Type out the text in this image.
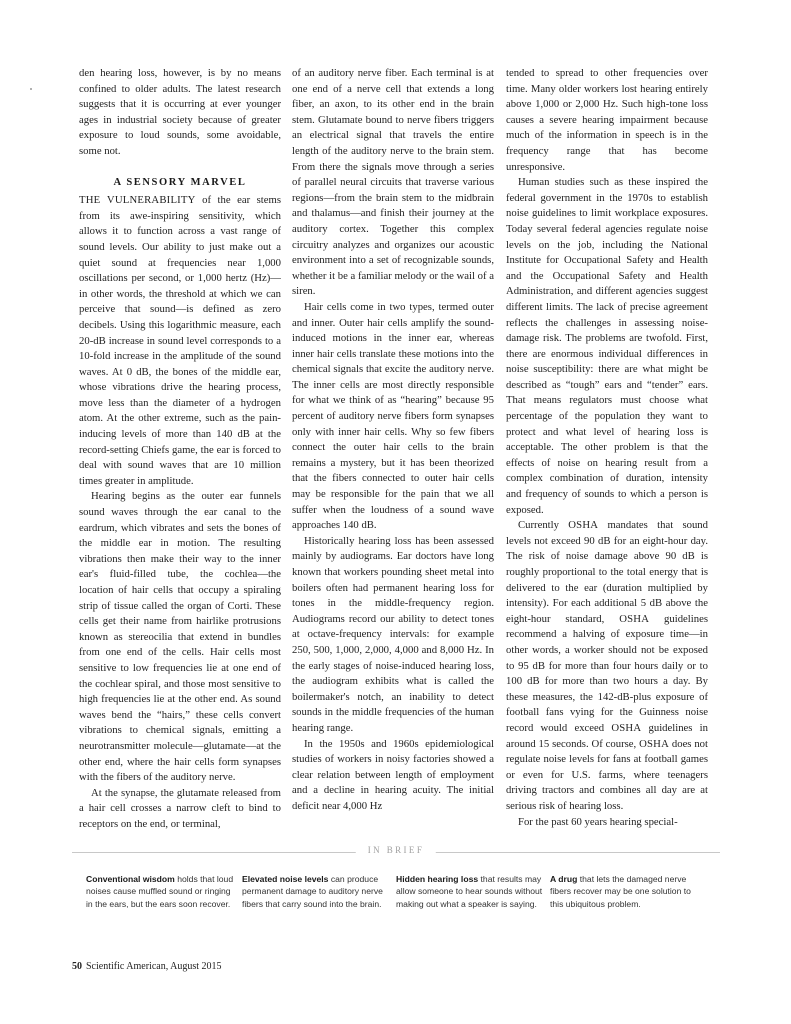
den hearing loss, however, is by no means confined to older adults. The latest research suggests that it is occurring at ever younger ages in industrial society because of greater exposure to loud sounds, some avoidable, some not.

A SENSORY MARVEL

THE VULNERABILITY of the ear stems from its awe-inspiring sensitivity, which allows it to function across a vast range of sound levels. Our ability to just make out a quiet sound at frequencies near 1,000 oscillations per second, or 1,000 hertz (Hz)—in other words, the threshold at which we can perceive that sound—is defined as zero decibels. Using this logarithmic measure, each 20-dB increase in sound level corresponds to a 10-fold increase in the amplitude of the sound waves. At 0 dB, the bones of the middle ear, whose vibrations drive the hearing process, move less than the diameter of a hydrogen atom. At the other extreme, such as the pain-inducing levels of more than 140 dB at the record-setting Chiefs game, the ear is forced to deal with sound waves that are 10 million times greater in amplitude.

Hearing begins as the outer ear funnels sound waves through the ear canal to the eardrum, which vibrates and sets the bones of the middle ear in motion. The resulting vibrations then make their way to the inner ear's fluid-filled tube, the cochlea—the location of hair cells that occupy a spiraling strip of tissue called the organ of Corti. These cells get their name from hairlike protrusions known as stereocilia that extend in bundles from one end of the cells. Hair cells most sensitive to low frequencies lie at one end of the cochlear spiral, and those most sensitive to high frequencies lie at the other end. As sound waves bend the “hairs,” these cells convert vibrations to chemical signals, emitting a neurotransmitter molecule—glutamate—at the other end, where the hair cells form synapses with the fibers of the auditory nerve.

At the synapse, the glutamate released from a hair cell crosses a narrow cleft to bind to receptors on the end, or terminal,

of an auditory nerve fiber. Each terminal is at one end of a nerve cell that extends a long fiber, an axon, to its other end in the brain stem. Glutamate bound to nerve fibers triggers an electrical signal that travels the entire length of the auditory nerve to the brain stem. From there the signals move through a series of parallel neural circuits that traverse various regions—from the brain stem to the midbrain and thalamus—and finish their journey at the auditory cortex. Together this complex circuitry analyzes and organizes our acoustic environment into a set of recognizable sounds, whether it be a familiar melody or the wail of a siren.

Hair cells come in two types, termed outer and inner. Outer hair cells amplify the sound-induced motions in the inner ear, whereas inner hair cells translate these motions into the chemical signals that excite the auditory nerve. The inner cells are most directly responsible for what we think of as “hearing” because 95 percent of auditory nerve fibers form synapses only with inner hair cells. Why so few fibers connect the outer hair cells to the brain remains a mystery, but it has been theorized that the fibers connected to outer hair cells may be responsible for the pain that we all suffer when the loudness of a sound wave approaches 140 dB.

Historically hearing loss has been assessed mainly by audiograms. Ear doctors have long known that workers pounding sheet metal into boilers often had permanent hearing loss for tones in the middle-frequency region. Audiograms record our ability to detect tones at octave-frequency intervals: for example 250, 500, 1,000, 2,000, 4,000 and 8,000 Hz. In the early stages of noise-induced hearing loss, the audiogram exhibits what is called the boilermaker's notch, an inability to detect sounds in the middle frequencies of the human hearing range.

In the 1950s and 1960s epidemiological studies of workers in noisy factories showed a clear relation between length of employment and a decline in hearing acuity. The initial deficit near 4,000 Hz

tended to spread to other frequencies over time. Many older workers lost hearing entirely above 1,000 or 2,000 Hz. Such high-tone loss causes a severe hearing impairment because much of the information in speech is in the frequency range that has become unresponsive.

Human studies such as these inspired the federal government in the 1970s to establish noise guidelines to limit workplace exposures. Today several federal agencies regulate noise levels on the job, including the National Institute for Occupational Safety and Health and the Occupational Safety and Health Administration, and different agencies suggest different limits. The lack of precise agreement reflects the challenges in assessing noise-damage risk. The problems are twofold. First, there are enormous individual differences in noise susceptibility: there are what might be described as “tough” ears and “tender” ears. That means regulators must choose what percentage of the population they want to protect and what level of hearing loss is acceptable. The other problem is that the effects of noise on hearing result from a complex combination of duration, intensity and frequency of sounds to which a person is exposed.

Currently OSHA mandates that sound levels not exceed 90 dB for an eight-hour day. The risk of noise damage above 90 dB is roughly proportional to the total energy that is delivered to the ear (duration multiplied by intensity). For each additional 5 dB above the eight-hour standard, OSHA guidelines recommend a halving of exposure time—in other words, a worker should not be exposed to 95 dB for more than four hours daily or to 100 dB for more than two hours a day. By these measures, the 142-dB-plus exposure of football fans vying for the Guinness noise record would exceed OSHA guidelines in around 15 seconds. Of course, OSHA does not regulate noise levels for fans at football games or even for U.S. farms, where teenagers driving tractors and combines all day are at serious risk of hearing loss.

For the past 60 years hearing special-

IN BRIEF
Conventional wisdom holds that loud noises cause muffled sound or ringing in the ears, but the ears soon recover.
Elevated noise levels can produce permanent damage to auditory nerve fibers that carry sound into the brain.
Hidden hearing loss that results may allow someone to hear sounds without making out what a speaker is saying.
A drug that lets the damaged nerve fibers recover may be one solution to this ubiquitous problem.
50 Scientific American, August 2015
